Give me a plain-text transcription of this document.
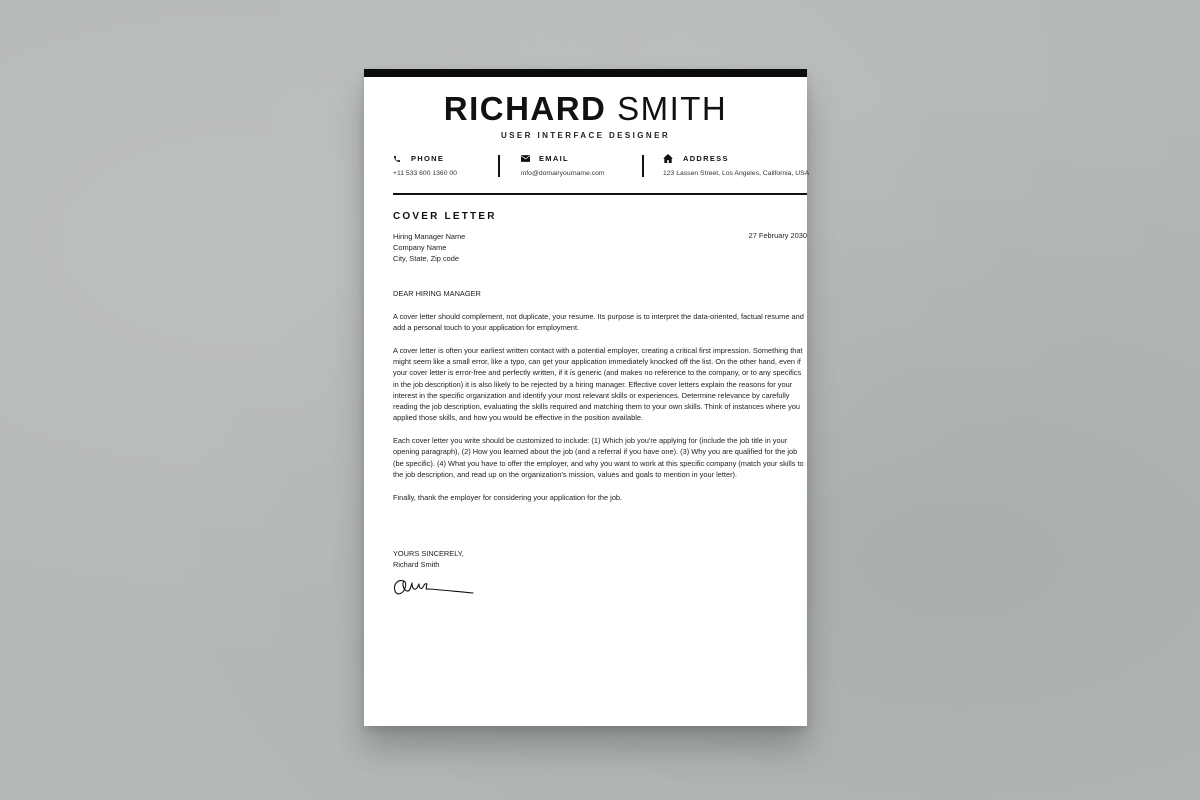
RICHARD SMITH
USER INTERFACE DESIGNER
PHONE
+11 533 600 1360 00
EMAIL
info@domairyourname.com
ADDRESS
123 Lassen Street, Los Angeles, California, USA
COVER LETTER
Hiring Manager Name
Company Name
City, State, Zip code
27 February 2030

DEAR HIRING MANAGER

A cover letter should complement, not duplicate, your resume. Its purpose is to interpret the data-oriented, factual resume and add a personal touch to your application for employment.

A cover letter is often your earliest written contact with a potential employer, creating a critical first impression. Something that might seem like a small error, like a typo, can get your application immediately knocked off the list. On the other hand, even if your cover letter is error-free and perfectly written, if it is generic (and makes no reference to the company, or to any specifics in the job description) it is also likely to be rejected by a hiring manager. Effective cover letters explain the reasons for your interest in the specific organization and identify your most relevant skills or experiences. Determine relevance by carefully reading the job description, evaluating the skills required and matching them to your own skills. Think of instances where you applied those skills, and how you would be effective in the position available.

Each cover letter you write should be customized to include: (1) Which job you're applying for (include the job title in your opening paragraph), (2) How you learned about the job (and a referral if you have one). (3) Why you are qualified for the job (be specific). (4) What you have to offer the employer, and why you want to work at this specific company (match your skills to the job description, and read up on the organization's mission, values and goals to mention in your letter).

Finally, thank the employer for considering your application for the job.

YOURS SINCERELY,
Richard Smith
